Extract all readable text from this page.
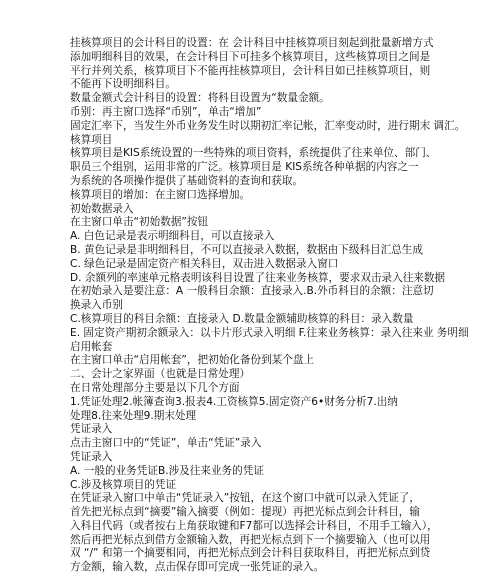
挂核算项目的会计科目的设置：在 会计科目中挂核算项目刻起到批量新增方式
添加明细科目的效果，在会计科目下可挂多个核算项目，这些核算项目之间是
平行并列关系，核算项目下不能再挂核算项目，会计科目如已挂核算项目，则
不能再下设明细科目。
数量金额式会计科目的设置：将科目设置为“数量金额。
币别：再主窗口选择“币别”，单击“增加”
固定汇率下，当发生外币业务发生时以期初汇率记帐，汇率变动时，进行期末 调汇。
核算项目
核算项目是KIS系统设置的一些特殊的项目资料，系统提供了往来单位、部门、
职员三个组别，运用非常的广泛。核算项目是 KIS系统各种单据的内容之一
为系统的各项操作提供了基础资料的查询和获取。
核算项目的增加：在主窗口选择增加。
初始数据录入
在主窗口单击“初始数据”按钮
A. 白色记录是表示明细科目，可以直接录入
B. 黄色记录是非明细科目，不可以直接录入数据，数据由下级科目汇总生成
C. 绿色记录是固定资产相关科目，双击进入数据录入窗口
D. 余额列的率速单元格表明该科目设置了往来业务核算，要求双击录入往来数据
在初始录入是要注意：A 一般科目余额：直接录入.B.外币科目的余额：注意切
换录入币别
C.核算项目的科目余额：直接录入 D.数量金额辅助核算的科目：录入数量
E. 固定资产期初余额录入：以卡片形式录入明细 F.往来业务核算：录入往来业 务明细
启用帐套
在主窗口单击“启用帐套”，把初始化备份到某个盘上
二、会计之家界面（也就是日常处理）
在日常处理部分主要是以下几个方面
1.凭证处理2.帐簿查询3.报表4.工资核算5.固定资产6•财务分析7.出纳
处理8.往来处理9.期末处理
凭证录入
点击主窗口中的“凭证”，单击“凭证”录入
凭证录入
A. 一般的业务凭证B.涉及往来业务的凭证
C.涉及核算项目的凭证
在凭证录入窗口中单击“凭证录入”按钮，在这个窗口中就可以录入凭证了，
首先把光标点到“摘要”输入摘要（例如：提现）再把光标点到会计科目，输
入科目代码（或者按右上角获取键和F7都可以选择会计科目，不用手工输入），
然后再把光标点到借方金额输入数，再把光标点到下一个摘要输入（也可以用
双 “/” 和第一个摘要相同，再把光标点到会计科目获取科目，再把光标点到贷
方金额，输入数，点击保存即可完成一张凭证的录入。
